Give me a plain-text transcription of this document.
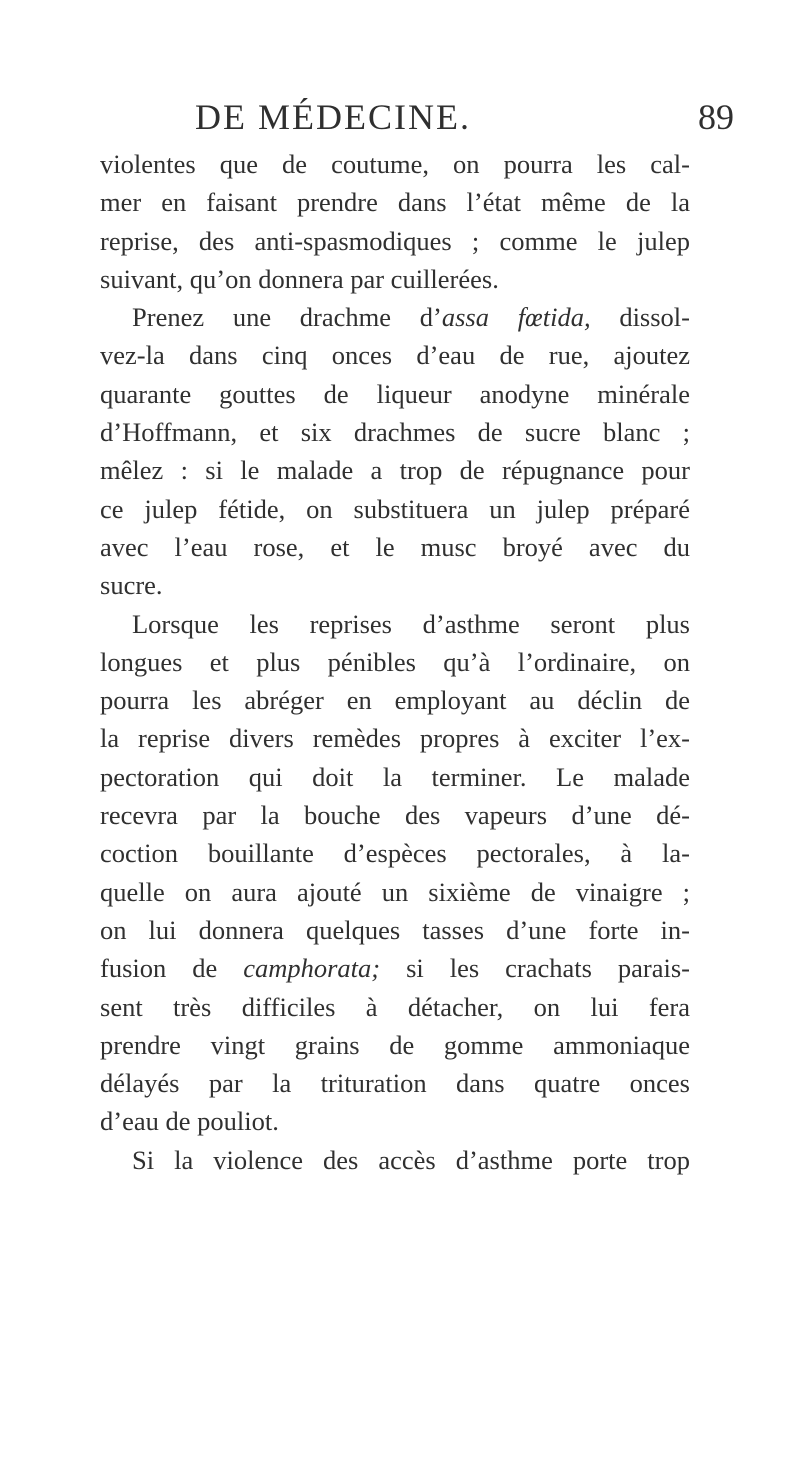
DE MÉDECINE.	89
violentes que de coutume, on pourra les cal-
mer en faisant prendre dans l’état même de la
reprise, des anti-spasmodiques ; comme le julep
suivant, qu’on donnera par cuillerées.
Prenez une drachme d’assa fœtida, dissol-
vez-la dans cinq onces d’eau de rue, ajoutez
quarante gouttes de liqueur anodyne minérale
d’Hoffmann, et six drachmes de sucre blanc ;
mêlez : si le malade a trop de répugnance pour
ce julep fétide, on substituera un julep préparé
avec l’eau rose, et le musc broyé avec du
sucre.
Lorsque les reprises d’asthme seront plus
longues et plus pénibles qu’à l’ordinaire, on
pourra les abréger en employant au déclin de
la reprise divers remèdes propres à exciter l’ex-
pectoration qui doit la terminer. Le malade
recevra par la bouche des vapeurs d’une dé-
coction bouillante d’espèces pectorales, à la-
quelle on aura ajouté un sixième de vinaigre ;
on lui donnera quelques tasses d’une forte in-
fusion de camphorata; si les crachats parais-
sent très difficiles à détacher, on lui fera
prendre vingt grains de gomme ammoniaque
délayés par la trituration dans quatre onces
d’eau de pouliot.
Si la violence des accès d’asthme porte trop
